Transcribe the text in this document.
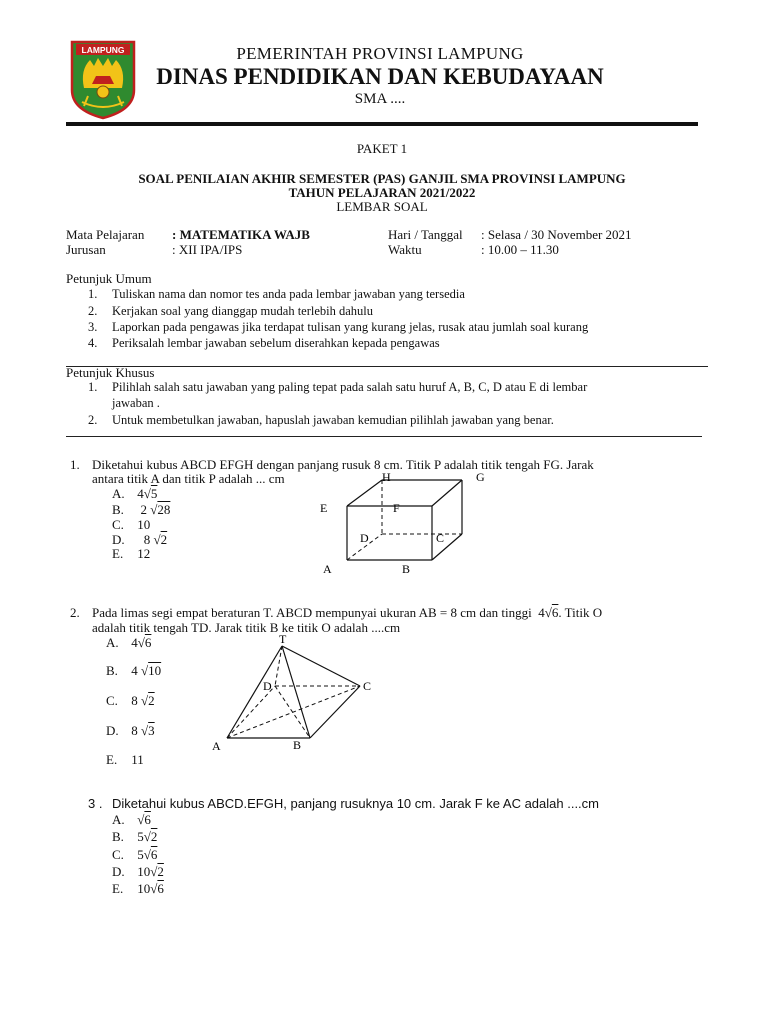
LAMPUNG	PEMERINTAH PROVINSI LAMPUNG
DINAS PENDIDIKAN DAN KEBUDAYAAN
SMA ....
PAKET 1
SOAL PENILAIAN AKHIR SEMESTER (PAS) GANJIL SMA PROVINSI LAMPUNG
TAHUN PELAJARAN 2021/2022
LEMBAR SOAL
Mata Pelajaran : MATEMATIKA WAJB
Jurusan	: XII IPA/IPS
Hari / Tanggal : Selasa / 30 November 2021
Waktu	: 10.00 – 11.30
Petunjuk Umum
1. Tuliskan nama dan nomor tes anda pada lembar jawaban yang tersedia
2. Kerjakan soal yang dianggap mudah terlebih dahulu
3. Laporkan pada pengawas jika terdapat tulisan yang kurang jelas, rusak atau jumlah soal kurang
4. Periksalah lembar jawaban sebelum diserahkan kepada pengawas
Petunjuk Khusus
1. Pilihlah salah satu jawaban yang paling tepat pada salah satu huruf A, B, C, D atau E di lembar
jawaban .
2. Untuk membetulkan jawaban, hapuslah jawaban kemudian pilihlah jawaban yang benar.
1. Diketahui kubus ABCD EFGH dengan panjang rusuk 8 cm. Titik P adalah titik tengah FG. Jarak
antara titik A dan titik P adalah ... cm
A. 4√5
B. 2 √28
C. 10
D. 8 √2
E. 12
H	G
E	F
D	C
A	B
2. Pada limas segi empat beraturan T. ABCD mempunyai ukuran AB = 8 cm dan tinggi 4√6. Titik O
adalah titik tengah TD. Jarak titik B ke titik O adalah ....cm
A. 4√6
B. 4 √10
C. 8 √2
D. 8 √3
E. 11
T
D	C
A	B
3 . Diketahui kubus ABCD.EFGH, panjang rusuknya 10 cm. Jarak F ke AC adalah ....cm
A. √6
B. 5√2
C. 5√6
D. 10√2
E. 10√6
